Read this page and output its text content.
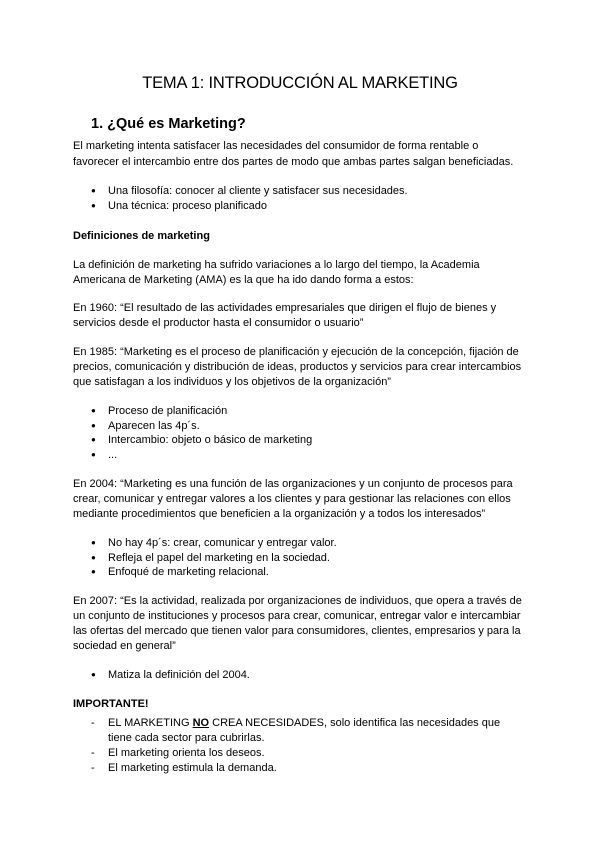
TEMA 1: INTRODUCCIÓN AL MARKETING
1. ¿Qué es Marketing?
El marketing intenta satisfacer las necesidades del consumidor de forma rentable o
favorecer el intercambio entre dos partes de modo que ambas partes salgan beneficiadas.
● Una filosofía: conocer al cliente y satisfacer sus necesidades.
● Una técnica: proceso planificado
Definiciones de marketing
La definición de marketing ha sufrido variaciones a lo largo del tiempo, la Academia
Americana de Marketing (AMA) es la que ha ido dando forma a estos:
En 1960: “El resultado de las actividades empresariales que dirigen el flujo de bienes y
servicios desde el productor hasta el consumidor o usuario”
En 1985: “Marketing es el proceso de planificación y ejecución de la concepción, fijación de
precios, comunicación y distribución de ideas, productos y servicios para crear intercambios
que satisfagan a los individuos y los objetivos de la organización”
● Proceso de planificación
● Aparecen las 4p´s.
● Intercambio: objeto o básico de marketing
● ...
En 2004: “Marketing es una función de las organizaciones y un conjunto de procesos para
crear, comunicar y entregar valores a los clientes y para gestionar las relaciones con ellos
mediante procedimientos que beneficien a la organización y a todos los interesados”
● No hay 4p´s: crear, comunicar y entregar valor.
● Refleja el papel del marketing en la sociedad.
● Enfoqué de marketing relacional.
En 2007: “Es la actividad, realizada por organizaciones de individuos, que opera a través de
un conjunto de instituciones y procesos para crear, comunicar, entregar valor e intercambiar
las ofertas del mercado que tienen valor para consumidores, clientes, empresarios y para la
sociedad en general”
● Matiza la definición del 2004.
IMPORTANTE!
- EL MARKETING NO CREA NECESIDADES, solo identifica las necesidades que
tiene cada sector para cubrirlas.
- El marketing orienta los deseos.
- El marketing estimula la demanda.
